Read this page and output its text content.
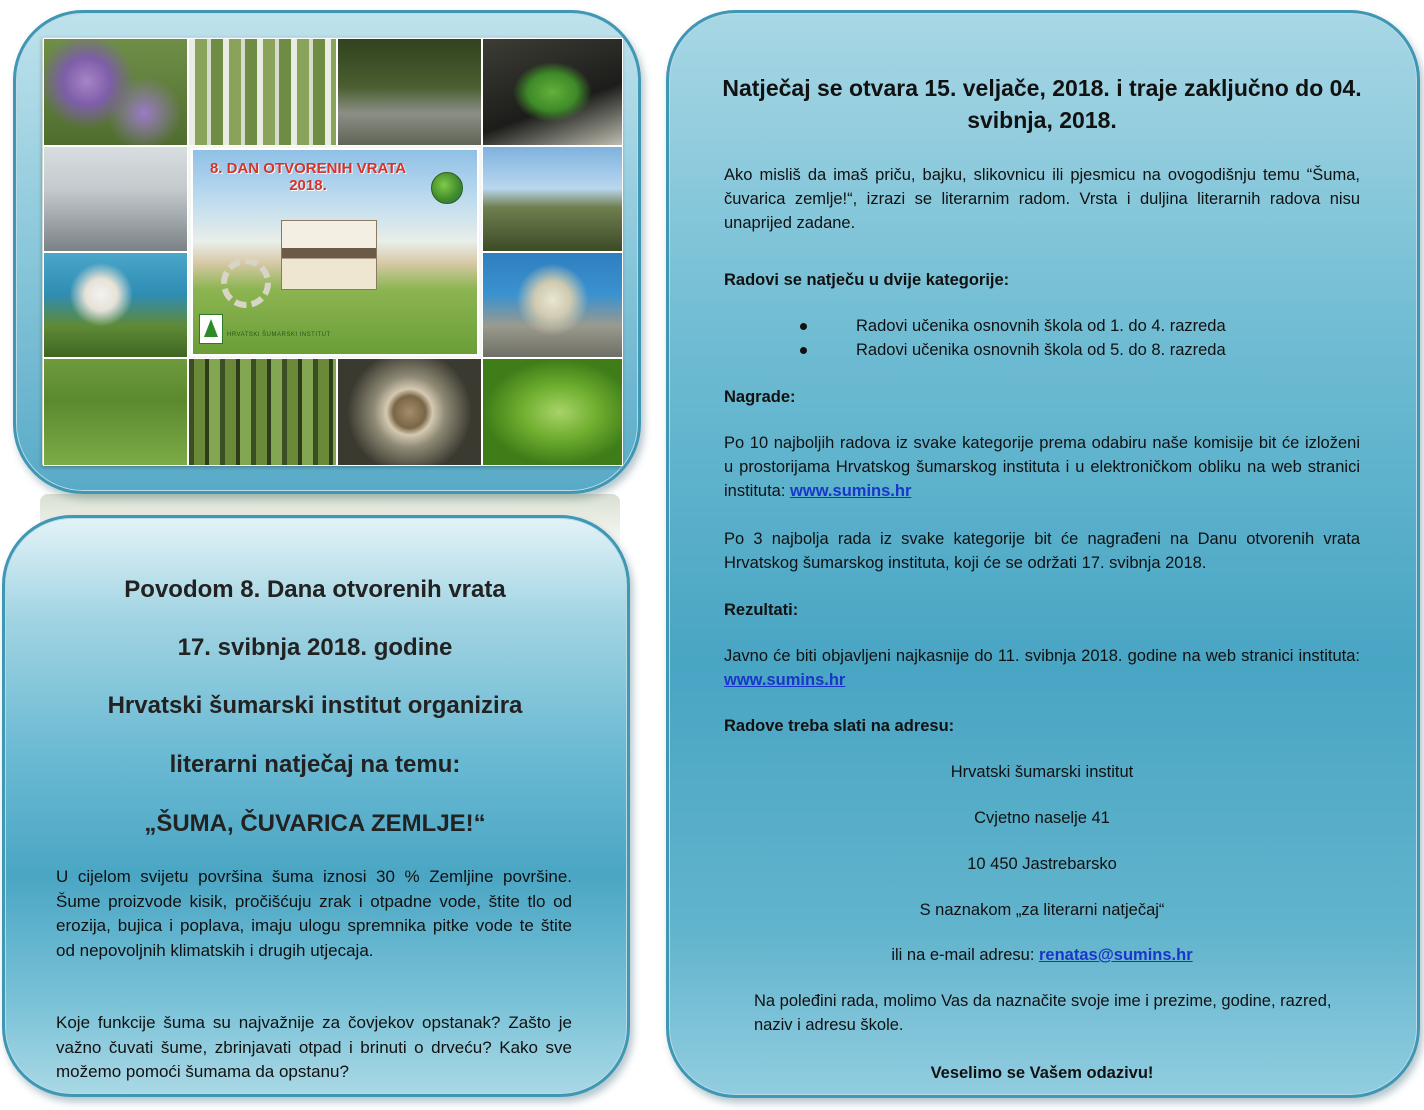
8. DAN OTVORENIH VRATA
2018.
HRVATSKI ŠUMARSKI INSTITUT
Povodom 8. Dana otvorenih vrata
17. svibnja 2018. godine
Hrvatski šumarski institut organizira
literarni natječaj na temu:
„ŠUMA, ČUVARICA ZEMLJE!“
U cijelom svijetu površina šuma iznosi 30 % Zemljine površine. Šume proizvode kisik, pročišćuju zrak i otpadne vode, štite tlo od erozija, bujica i poplava, imaju ulogu spremnika pitke vode te štite od nepovoljnih klimatskih i drugih utjecaja.
Koje funkcije šuma su najvažnije za čovjekov opstanak? Zašto je važno čuvati šume, zbrinjavati otpad i brinuti o drveću? Kako sve možemo pomoći šumama da opstanu?
Natječaj se otvara 15. veljače, 2018. i traje zaključno do 04. svibnja, 2018.
Ako misliš da imaš priču, bajku, slikovnicu ili pjesmicu na ovogodišnju temu “Šuma, čuvarica zemlje!“, izrazi se literarnim radom. Vrsta i duljina literarnih radova nisu unaprijed zadane.
Radovi se natječu u dvije kategorije:
Radovi učenika osnovnih škola od 1. do 4. razreda
Radovi učenika osnovnih škola od 5. do 8. razreda
Nagrade:
Po 10 najboljih radova iz svake kategorije prema odabiru naše komisije bit će izloženi u prostorijama Hrvatskog šumarskog instituta i u elektroničkom obliku na web stranici instituta: www.sumins.hr
Po 3 najbolja rada iz svake kategorije bit će nagrađeni na Danu otvorenih vrata Hrvatskog šumarskog instituta, koji će se održati 17. svibnja 2018.
Rezultati:
Javno će biti objavljeni najkasnije do 11. svibnja 2018. godine na web stranici instituta: www.sumins.hr
Radove treba slati na adresu:
Hrvatski šumarski institut
Cvjetno naselje 41
10 450 Jastrebarsko
S naznakom „za literarni natječaj“
ili na e-mail adresu: renatas@sumins.hr
Na poleđini rada, molimo Vas da naznačite svoje ime i prezime, godine, razred, naziv i adresu škole.
Veselimo se Vašem odazivu!
